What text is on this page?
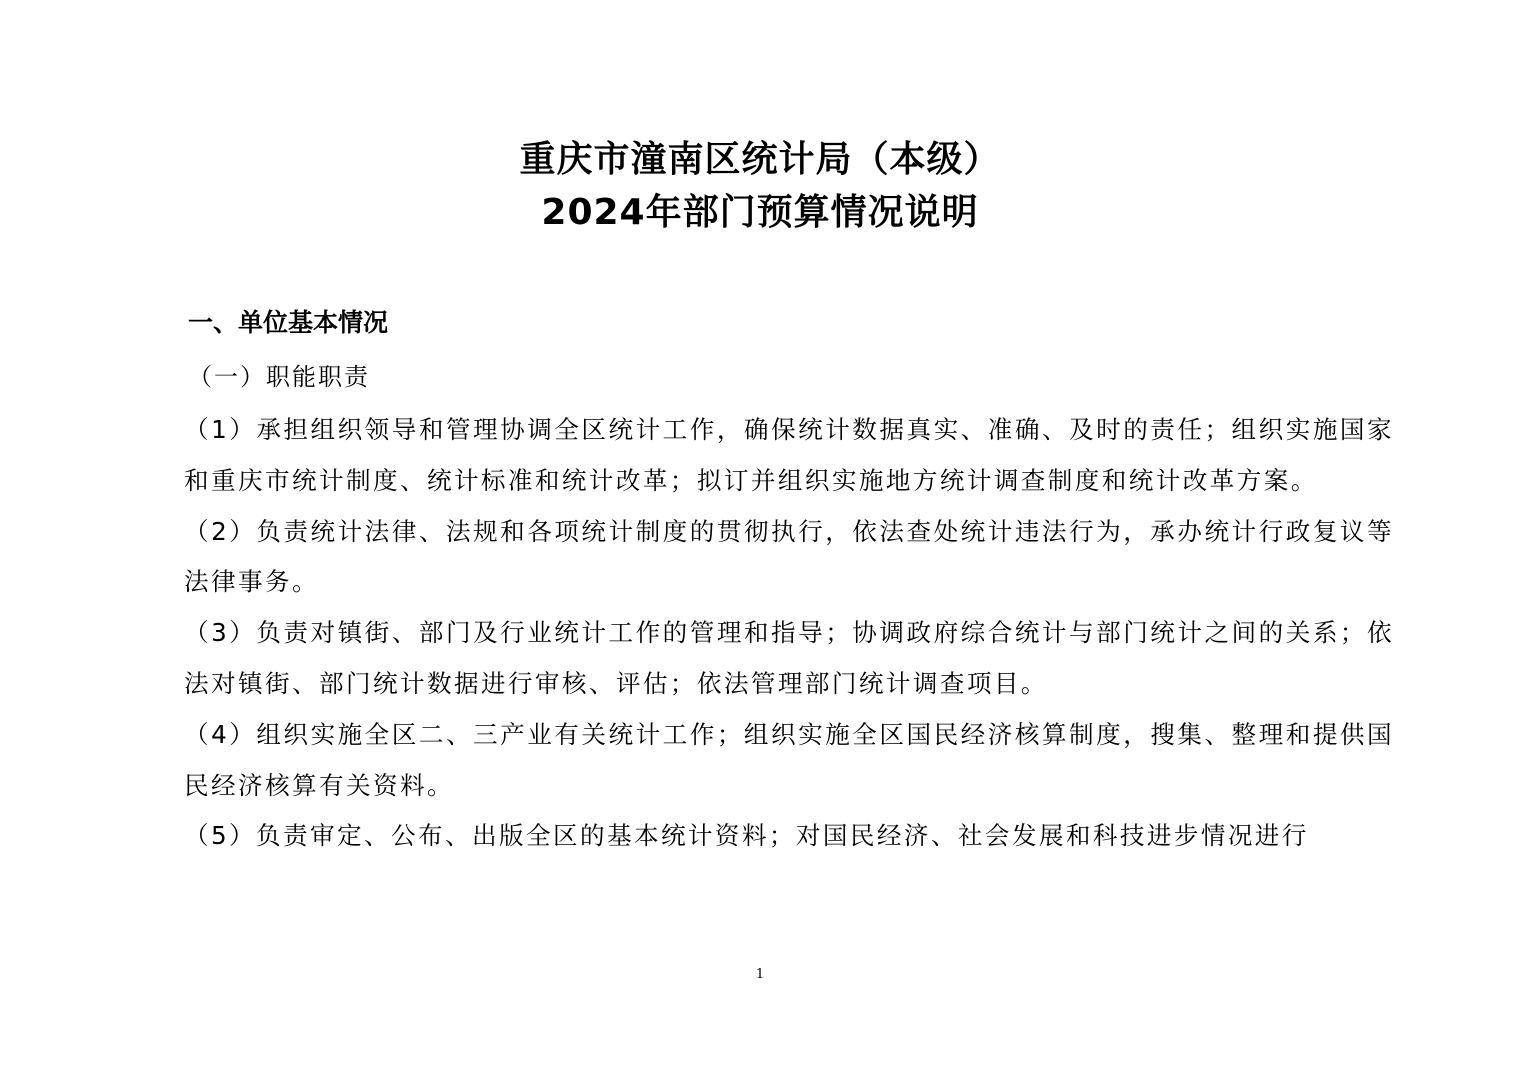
重庆市潼南区统计局（本级）
2024年部门预算情况说明
一、单位基本情况
（一）职能职责

（1）承担组织领导和管理协调全区统计工作，确保统计数据真实、准确、及时的责任；组织实施国家和重庆市统计制度、统计标准和统计改革；拟订并组织实施地方统计调查制度和统计改革方案。

（2）负责统计法律、法规和各项统计制度的贯彻执行，依法查处统计违法行为，承办统计行政复议等法律事务。

（3）负责对镇街、部门及行业统计工作的管理和指导；协调政府综合统计与部门统计之间的关系；依法对镇街、部门统计数据进行审核、评估；依法管理部门统计调查项目。

（4）组织实施全区二、三产业有关统计工作；组织实施全区国民经济核算制度，搜集、整理和提供国民经济核算有关资料。

（5）负责审定、公布、出版全区的基本统计资料；对国民经济、社会发展和科技进步情况进行

1
